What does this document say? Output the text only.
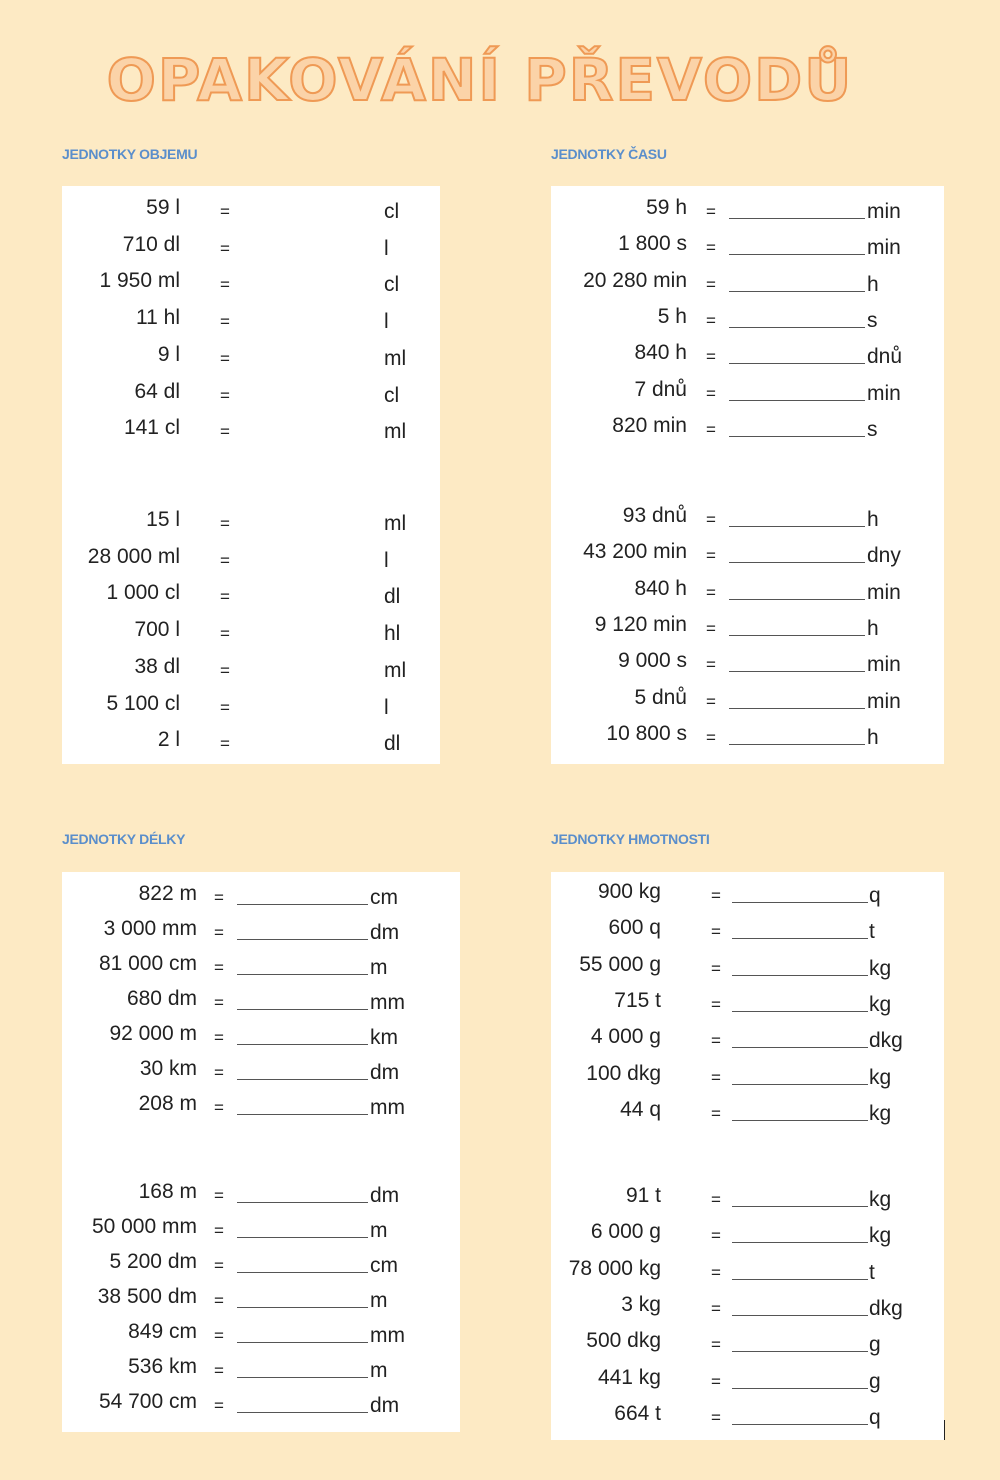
OPAKOVÁNÍ PŘEVODŮ
JEDNOTKY OBJEMU
59 l =	cl
710 dl =	l
1 950 ml =	cl
11 hl =	l
9 l =	ml
64 dl =	cl
141 cl =	ml
15 l =	ml
28 000 ml =	l
1 000 cl =	dl
700 l =	hl
38 dl =	ml
5 100 cl =	l
2 l =	dl
JEDNOTKY ČASU
59 h =	min
1 800 s =	min
20 280 min =	h
5 h =	s
840 h =	dnů
7 dnů =	min
820 min =	s
93 dnů =	h
43 200 min =	dny
840 h =	min
9 120 min =	h
9 000 s =	min
5 dnů =	min
10 800 s =	h
JEDNOTKY DÉLKY
822 m =	cm
3 000 mm =	dm
81 000 cm =	m
680 dm =	mm
92 000 m =	km
30 km =	dm
208 m =	mm
168 m =	dm
50 000 mm =	m
5 200 dm =	cm
38 500 dm =	m
849 cm =	mm
536 km =	m
54 700 cm =	dm
JEDNOTKY HMOTNOSTI
900 kg	=	q
600 q	=	t
55 000 g	=	kg
715 t	=	kg
4 000 g	=	dkg
100 dkg	=	kg
44 q	=	kg
91 t	=	kg
6 000 g	=	kg
78 000 kg	=	t
3 kg	=	dkg
500 dkg	=	g
441 kg	=	g
664 t	=	q
